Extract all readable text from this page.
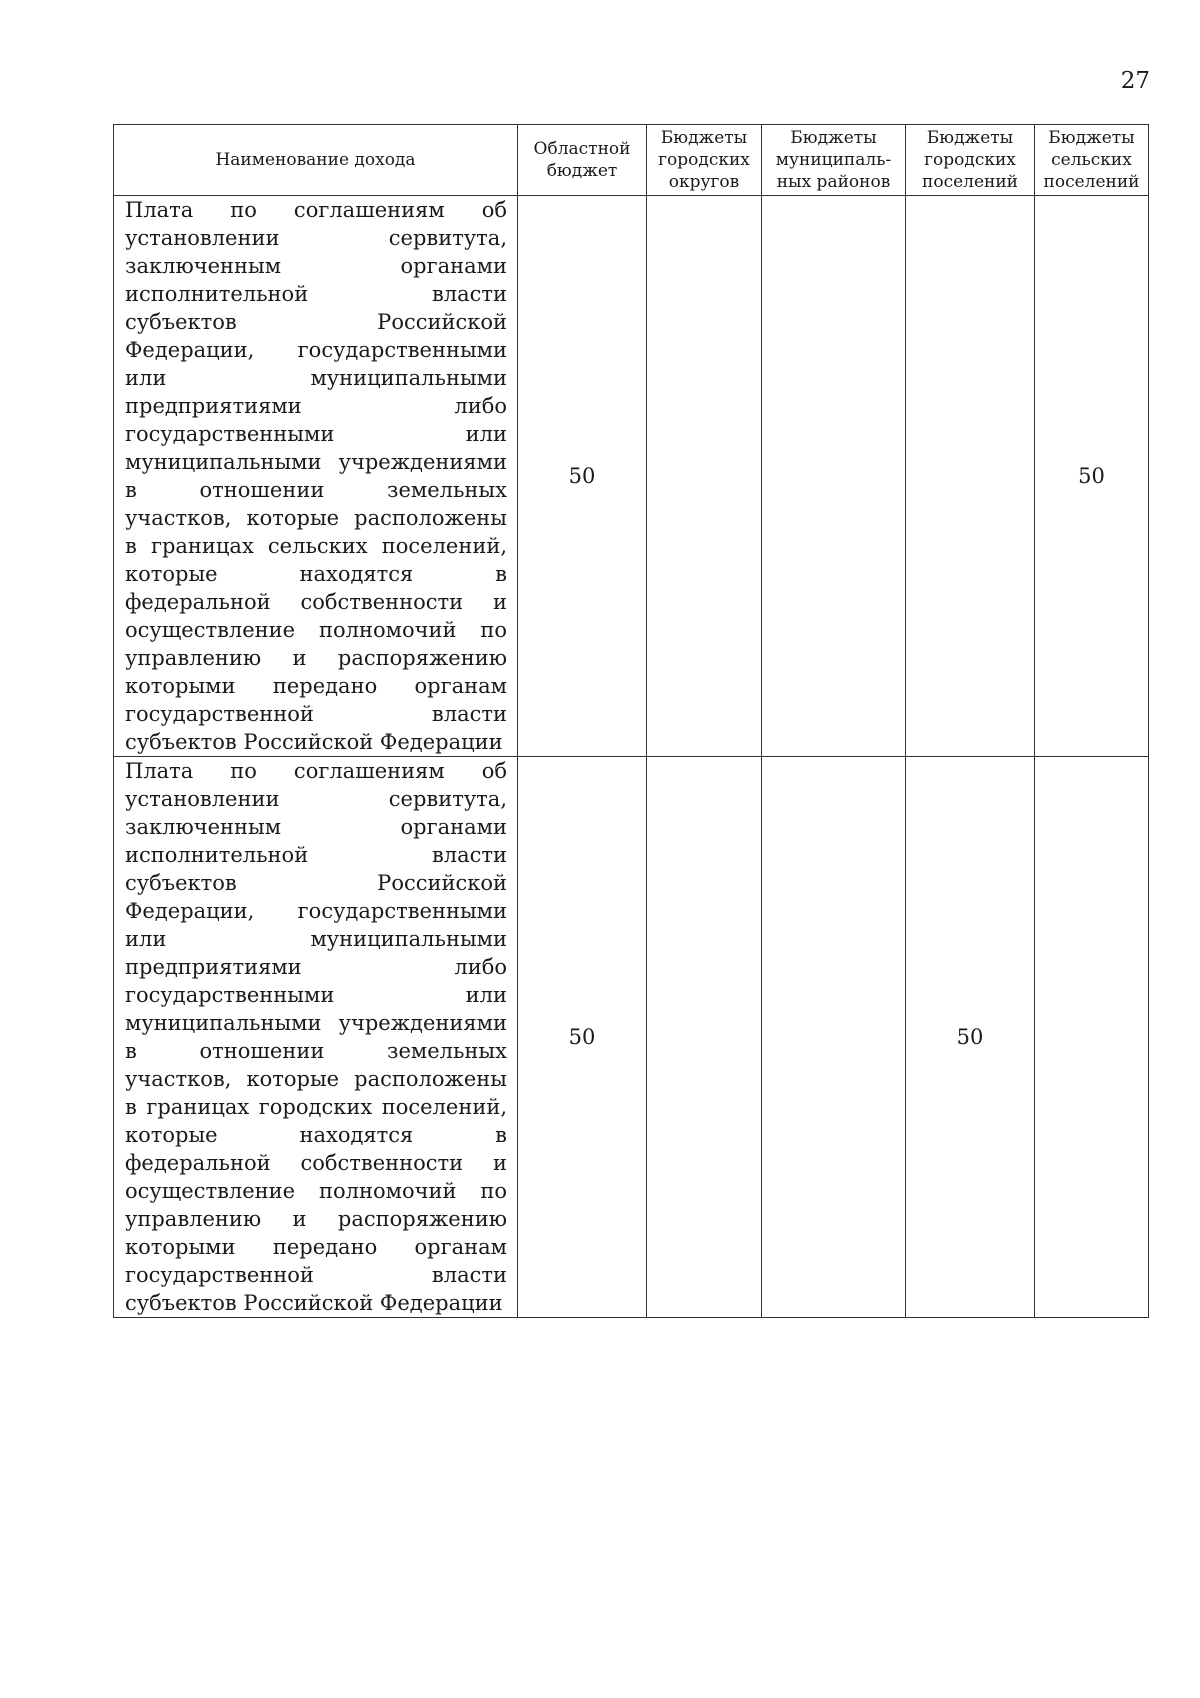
27
Наименование дохода	Областной бюджет	Бюджеты городских округов	Бюджеты муниципаль-ных районов	Бюджеты городских поселений	Бюджеты сельских поселений

Плата по соглашениям об установлении сервитута, заключенным органами исполнительной власти субъектов Российской Федерации, государственными или муниципальными предприятиями либо государственными или муниципальными учреждениями в отношении земельных участков, которые расположены в границах сельских поселений, которые находятся в федеральной собственности и осуществление полномочий по управлению и распоряжению которыми передано органам государственной власти субъектов Российской Федерации	50				50
Плата по соглашениям об установлении сервитута, заключенным органами исполнительной власти субъектов Российской Федерации, государственными или муниципальными предприятиями либо государственными или муниципальными учреждениями в отношении земельных участков, которые расположены в границах городских поселений, которые находятся в федеральной собственности и осуществление полномочий по управлению и распоряжению которыми передано органам государственной власти субъектов Российской Федерации	50			50	
